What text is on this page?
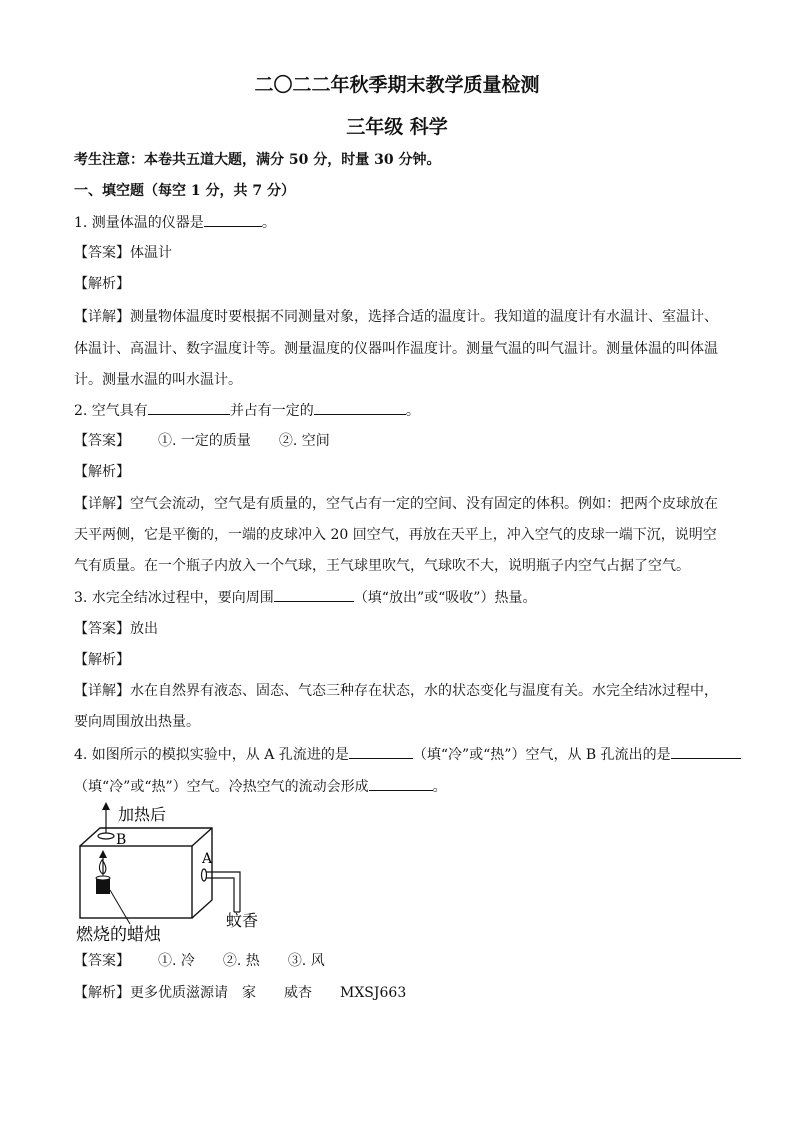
二〇二二年秋季期末教学质量检测
三年级 科学
考生注意：本卷共五道大题，满分 50 分，时量 30 分钟。
一、填空题（每空 1 分，共 7 分）
1. 测量体温的仪器是	。
【答案】体温计
【解析】
【详解】测量物体温度时要根据不同测量对象，选择合适的温度计。我知道的温度计有水温计、室温计、
体温计、高温计、数字温度计等。测量温度的仪器叫作温度计。测量气温的叫气温计。测量体温的叫体温
计。测量水温的叫水温计。
2. 空气具有	并占有一定的	。
【答案】 ①. 一定的质量 ②. 空间
【解析】
【详解】空气会流动，空气是有质量的，空气占有一定的空间、没有固定的体积。例如：把两个皮球放在
天平两侧，它是平衡的，一端的皮球冲入 20 回空气，再放在天平上，冲入空气的皮球一端下沉，说明空
气有质量。在一个瓶子内放入一个气球，王气球里吹气，气球吹不大，说明瓶子内空气占据了空气。
3. 水完全结冰过程中，要向周围	（填“放出”或“吸收”）热量。
【答案】放出
【解析】
【详解】水在自然界有液态、固态、气态三种存在状态，水的状态变化与温度有关。水完全结冰过程中，
要向周围放出热量。
4. 如图所示的模拟实验中，从 A 孔流进的是	（填“冷”或“热”）空气，从 B 孔流出的是
（填“冷”或“热”）空气。冷热空气的流动会形成	。
加热后
B
A
蚊香
燃烧的蜡烛
【答案】 ①. 冷 ②. 热 ③. 风
【解析】更多优质滋源请　家　　威杏　　MXSJ663
